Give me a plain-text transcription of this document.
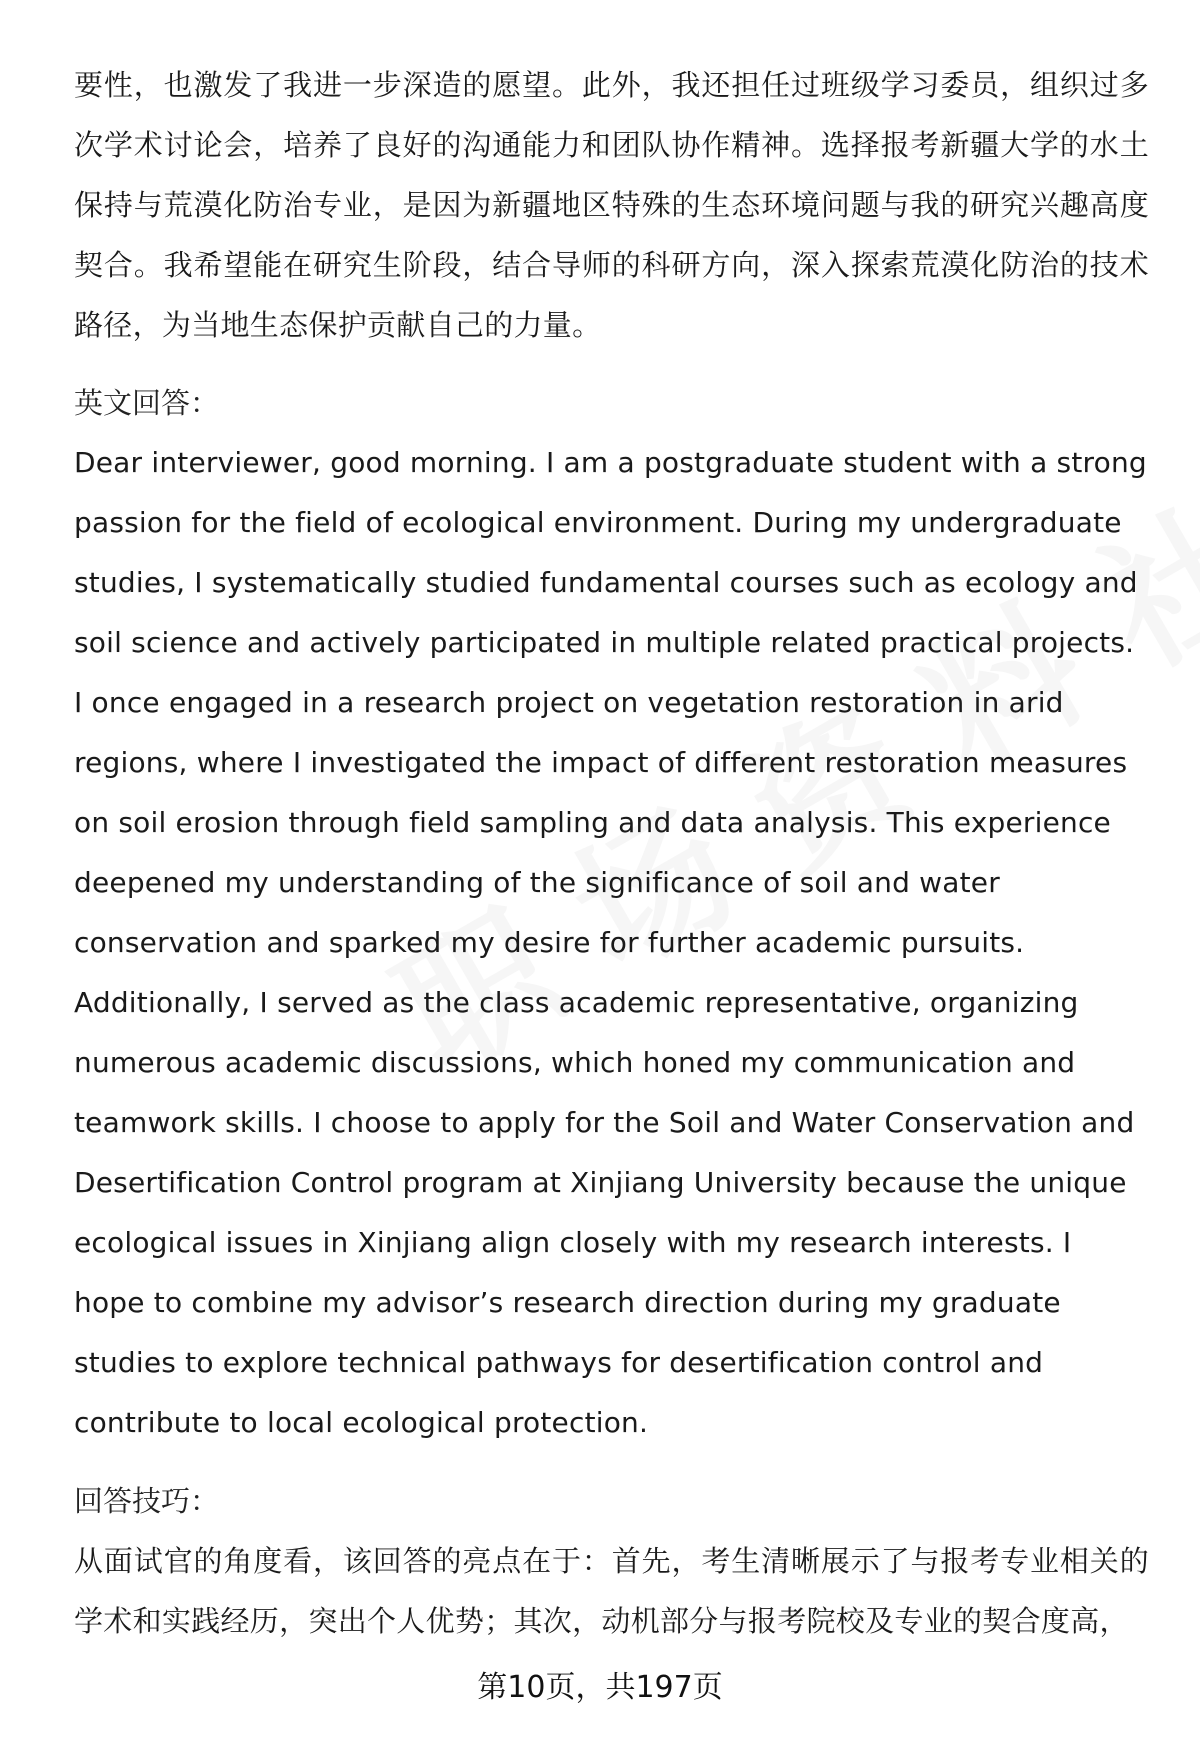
要性，也激发了我进一步深造的愿望。此外，我还担任过班级学习委员，组织过多次学术讨论会，培养了良好的沟通能力和团队协作精神。选择报考新疆大学的水土保持与荒漠化防治专业，是因为新疆地区特殊的生态环境问题与我的研究兴趣高度契合。我希望能在研究生阶段，结合导师的科研方向，深入探索荒漠化防治的技术路径，为当地生态保护贡献自己的力量。

英文回答：

Dear interviewer, good morning. I am a postgraduate student with a strong passion for the field of ecological environment. During my undergraduate studies, I systematically studied fundamental courses such as ecology and soil science and actively participated in multiple related practical projects. I once engaged in a research project on vegetation restoration in arid regions, where I investigated the impact of different restoration measures on soil erosion through field sampling and data analysis. This experience deepened my understanding of the significance of soil and water conservation and sparked my desire for further academic pursuits. Additionally, I served as the class academic representative, organizing numerous academic discussions, which honed my communication and teamwork skills. I choose to apply for the Soil and Water Conservation and Desertification Control program at Xinjiang University because the unique ecological issues in Xinjiang align closely with my research interests. I hope to combine my advisor’s research direction during my graduate studies to explore technical pathways for desertification control and contribute to local ecological protection.

回答技巧：

从面试官的角度看，该回答的亮点在于：首先，考生清晰展示了与报考专业相关的学术和实践经历，突出个人优势；其次，动机部分与报考院校及专业的契合度高，

第10页，共197页
